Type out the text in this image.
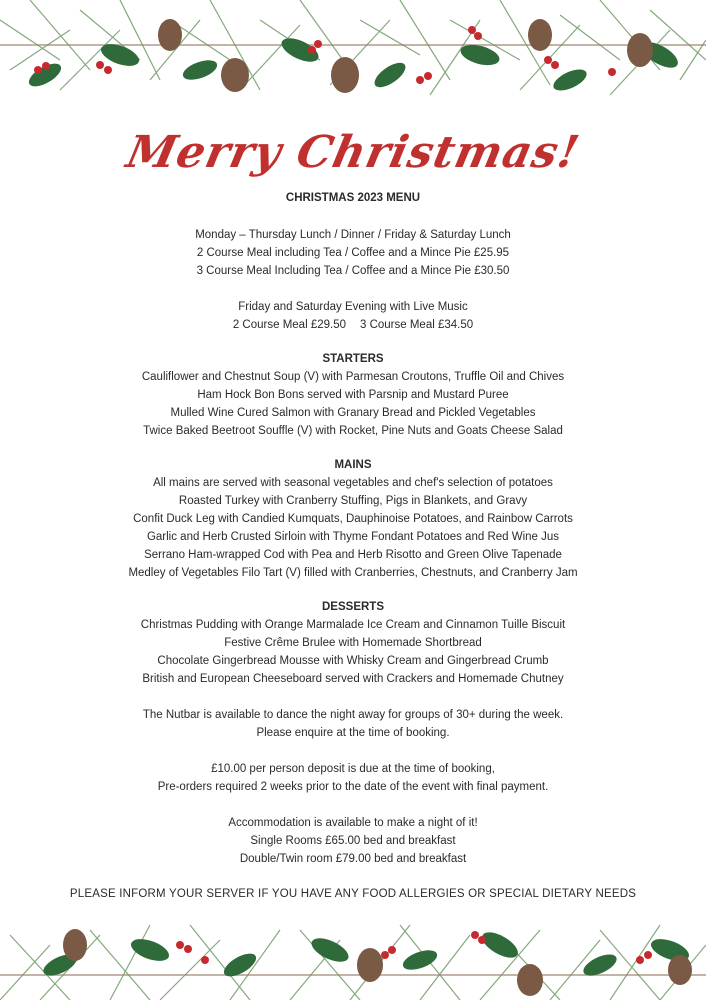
Merry Christmas!
CHRISTMAS 2023 MENU

Monday – Thursday Lunch / Dinner / Friday & Saturday Lunch

2 Course Meal including Tea / Coffee and a Mince Pie £25.95

3 Course Meal Including Tea / Coffee and a Mince Pie £30.50

Friday and Saturday Evening with Live Music

2 Course Meal £29.50 3 Course Meal £34.50

STARTERS

Cauliflower and Chestnut Soup (V) with Parmesan Croutons, Truffle Oil and Chives

Ham Hock Bon Bons served with Parsnip and Mustard Puree

Mulled Wine Cured Salmon with Granary Bread and Pickled Vegetables

Twice Baked Beetroot Souffle (V) with Rocket, Pine Nuts and Goats Cheese Salad

MAINS

All mains are served with seasonal vegetables and chef's selection of potatoes

Roasted Turkey with Cranberry Stuffing, Pigs in Blankets, and Gravy

Confit Duck Leg with Candied Kumquats, Dauphinoise Potatoes, and Rainbow Carrots

Garlic and Herb Crusted Sirloin with Thyme Fondant Potatoes and Red Wine Jus

Serrano Ham-wrapped Cod with Pea and Herb Risotto and Green Olive Tapenade

Medley of Vegetables Filo Tart (V) filled with Cranberries, Chestnuts, and Cranberry Jam

DESSERTS

Christmas Pudding with Orange Marmalade Ice Cream and Cinnamon Tuille Biscuit

Festive Crême Brulee with Homemade Shortbread

Chocolate Gingerbread Mousse with Whisky Cream and Gingerbread Crumb

British and European Cheeseboard served with Crackers and Homemade Chutney

The Nutbar is available to dance the night away for groups of 30+ during the week.

Please enquire at the time of booking.

£10.00 per person deposit is due at the time of booking,

Pre-orders required 2 weeks prior to the date of the event with final payment.

Accommodation is available to make a night of it!

Single Rooms £65.00 bed and breakfast

Double/Twin room £79.00 bed and breakfast

PLEASE INFORM YOUR SERVER IF YOU HAVE ANY FOOD ALLERGIES OR SPECIAL DIETARY NEEDS
